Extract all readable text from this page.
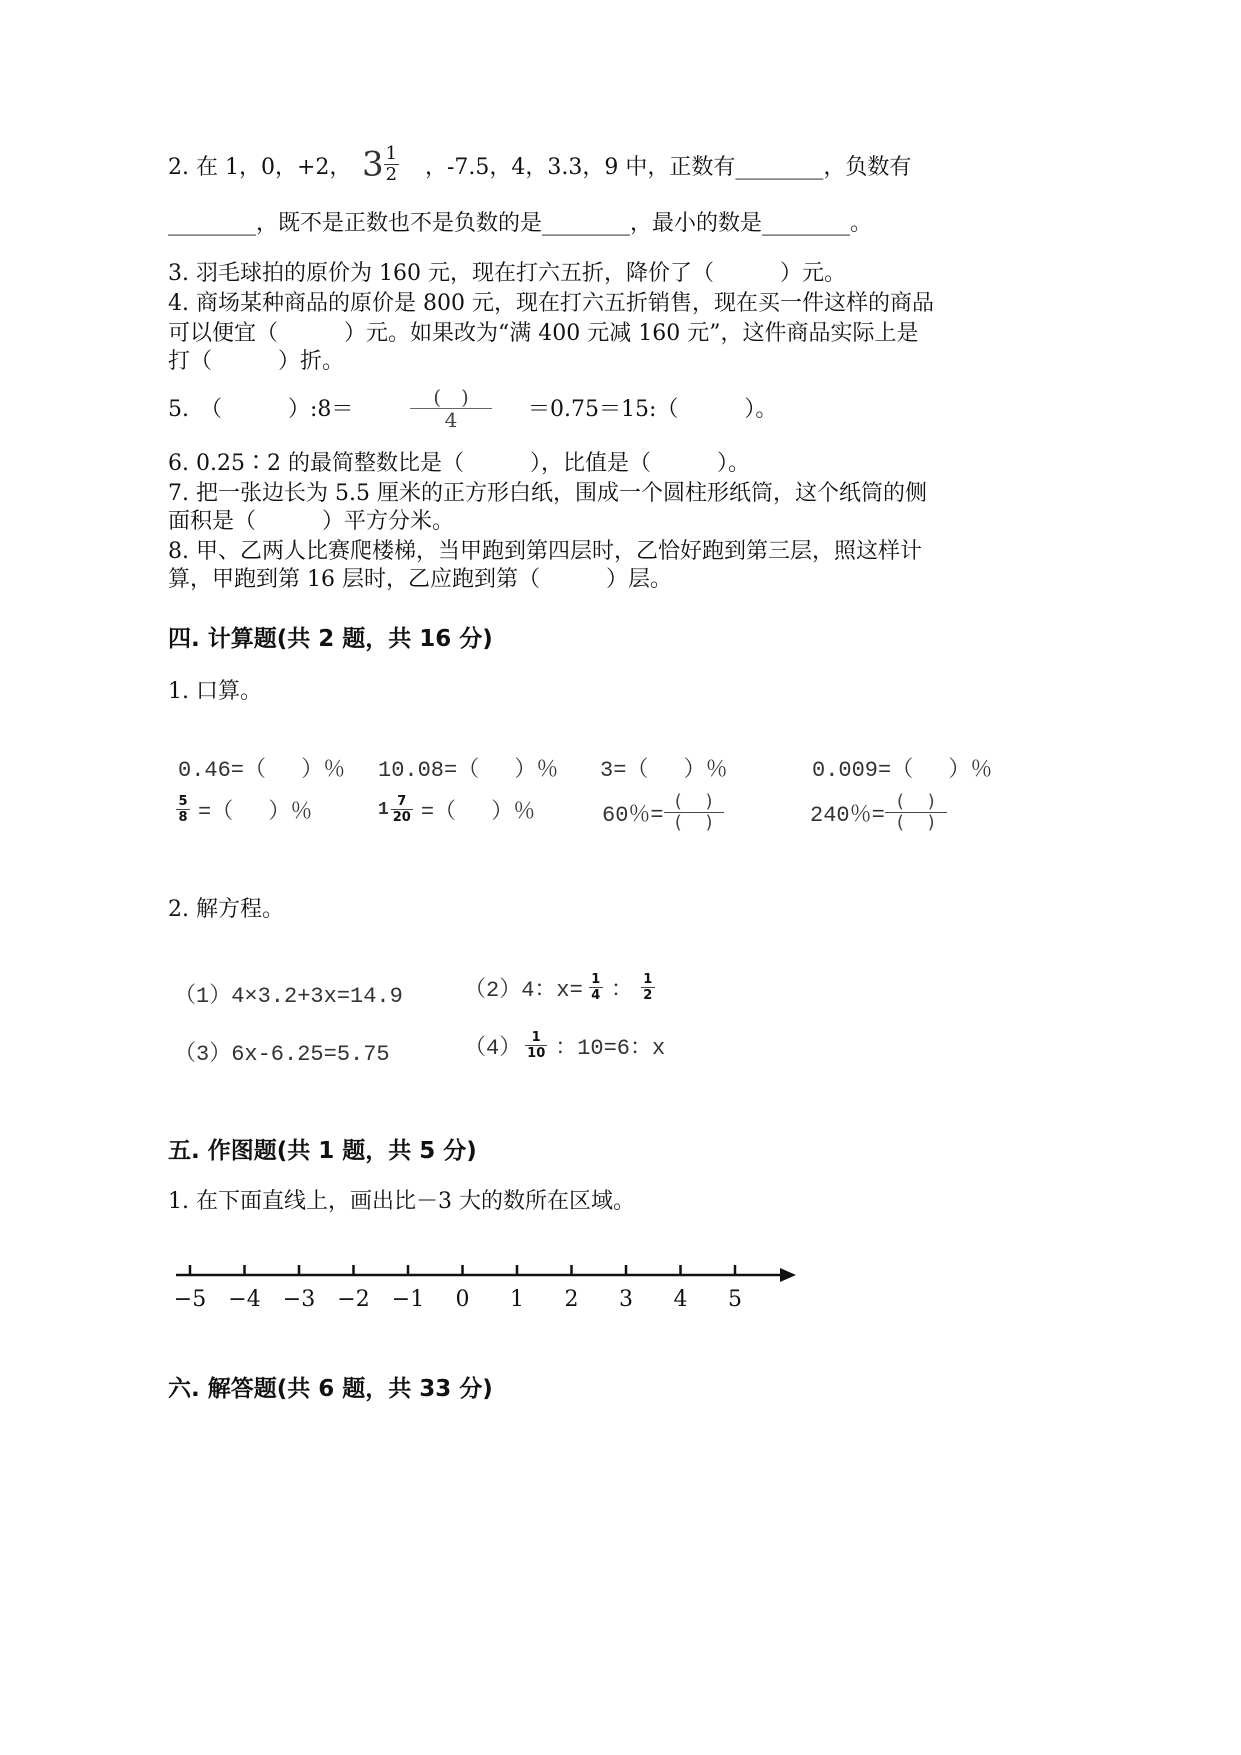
2. 在 1，0，+2， $3 \frac{1}{2}$ ，-7.5，4，3.3，9 中，正数有________，负数有
________，既不是正数也不是负数的是________，最小的数是________。
3. 羽毛球拍的原价为 160 元，现在打六五折，降价了（　　　）元。
4. 商场某种商品的原价是 800 元，现在打六五折销售，现在买一件这样的商品
可以便宜（　　　）元。如果改为“满 400 元减 160 元”，这件商品实际上是
打（　　　）折。
5.　（　　　）:8＝	$\frac{( )}{4}$ ＝0.75＝15:（　　　）。
6. 0.25∶2 的最简整数比是（　　　），比值是（　　　）。
7. 把一张边长为 5.5 厘米的正方形白纸，围成一个圆柱形纸筒，这个纸筒的侧
面积是（　　　）平方分米。
8. 甲、乙两人比赛爬楼梯，当甲跑到第四层时，乙恰好跑到第三层，照这样计
算，甲跑到第 16 层时，乙应跑到第（　　　）层。
四. 计算题(共 2 题，共 16 分)
1. 口算。
0.46=（　 ）％ 10.08=（　 ）％ 3=（　 ）％	0.009=（　 ）％
$\frac{5}{8}$ =（　 ）％	$1 \frac{7}{20}$ =（　 ）％	60％= $\frac{( )}{( )}$	240％= $\frac{( )}{( )}$
2. 解方程。
（1）4×3.2+3x=14.9	（2）4：$x= \frac{1}{4}$ ： $\frac{1}{2}$
（3）6x-6.25=5.75	$(4) \frac{1}{10}$ ：10=6：x
五. 作图题(共 1 题，共 5 分)
1. 在下面直线上，画出比－3 大的数所在区域。
−5 −4 −3 −2 −1 0 1 2 3 4 5
六. 解答题(共 6 题，共 33 分)
